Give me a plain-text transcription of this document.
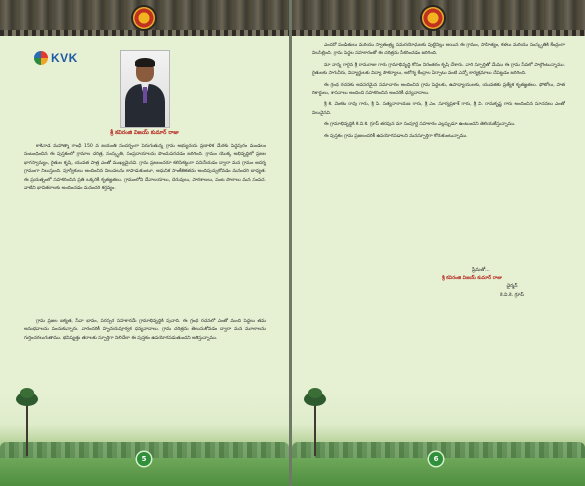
KVK
శ్రీ కవిరంజి విజయ్ కుమార్ రాజు

కాకినాడ మహాత్మా గాంధీ 150 వ జయంతి సందర్భంగా పెరుగుతున్న గ్రామ అభ్యుదయ ప్రణాళిక మేరకు పెద్దపురం మండలం సంబంధించిన ఈ పుస్తకంలో గ్రామాల చరిత్ర, సంస్కృతి, సంప్రదాయాలను పొందుపరచడం జరిగింది. గ్రామం యొక్క అభివృద్ధిలో ప్రజల భాగస్వామ్యం, రైతుల కృషి, యువత పాత్ర ఎంతో ముఖ్యమైనవి. గ్రామ ప్రజలందరూ కలిసికట్టుగా పనిచేయడం ద్వారా మన గ్రామం ఆదర్శ గ్రామంగా నిలుస్తుంది. పూర్వీకులు అందించిన విలువలను కాపాడుకుంటూ, ఆధునిక సాంకేతికతను అందిపుచ్చుకోవడం మనందరి బాధ్యత. ఈ ప్రయత్నంలో సహకరించిన ప్రతి ఒక్కరికీ కృతజ్ఞతలు. గ్రామంలోని దేవాలయాలు, చెరువులు, పాఠశాలలు, పంట పొలాలు మన సంపద. వాటిని భావితరాలకు అందించడం మనందరి కర్తవ్యం.

గ్రామ ప్రజల ఐక్యత, సేవా భావం, పరస్పర సహకారమే గ్రామాభివృద్ధికి పునాది. ఈ గ్రంథ రచనలో ఎంతో మంది పెద్దలు తమ అనుభవాలను పంచుకున్నారు. వారందరికీ హృదయపూర్వక ధన్యవాదాలు. గ్రామ చరిత్రను తెలుసుకోవడం ద్వారా మన మూలాలను గుర్తించగలుగుతాము. భవిష్యత్తు తరాలకు స్ఫూర్తిగా నిలిచేలా ఈ పుస్తకం ఉపయోగపడుతుందని ఆశిస్తున్నాము.

5

ఎందరో పండితులు మరియు స్వాతంత్ర్య సమరయోధులకు పుట్టినిల్లు అయిన ఈ గ్రామం, సాహిత్యం, కళలు మరియు సంస్కృతికి కేంద్రంగా విలసిల్లింది. గ్రామ పెద్దల సహకారంతో ఈ చరిత్రను సేకరించడం జరిగింది.

మా నాన్న గారైన శ్రీ రామరాజు గారు గ్రామాభివృద్ధి కోసం నిరంతరం కృషి చేశారు. వారి స్ఫూర్తితో మేము ఈ గ్రామ సేవలో పాల్గొంటున్నాము. రైతులకు సాగునీరు, విద్యార్థులకు విద్యా సౌకర్యాలు, ఆరోగ్య కేంద్రాల ఏర్పాటు వంటి ఎన్నో కార్యక్రమాలు చేపట్టడం జరిగింది.

ఈ గ్రంథ రచనకు అవసరమైన సమాచారం అందించిన గ్రామ పెద్దలకు, ఉపాధ్యాయులకు, యువతకు ప్రత్యేక కృతజ్ఞతలు. ఫోటోలు, పాత రికార్డులు, శాసనాలు అందించి సహకరించిన అందరికీ ధన్యవాదాలు.

శ్రీ కె. వెంకట రావు గారు, శ్రీ పి. సత్యనారాయణ గారు, శ్రీ ఎం. సూర్యప్రకాశ్ గారు, శ్రీ వి. రామకృష్ణ గారు అందించిన సూచనలు ఎంతో విలువైనవి.

ఈ గ్రామాభివృద్ధికి కె.వి.కె. గ్రూప్ తరఫున మా సంపూర్ణ సహకారం ఎల్లప్పుడూ ఉంటుందని తెలియజేస్తున్నాము.

ఈ పుస్తకం గ్రామ ప్రజలందరికీ ఉపయోగపడాలని మనస్ఫూర్తిగా కోరుకుంటున్నాము.

ప్రేమతో...
శ్రీ కవిరంజి విజయ్ కుమార్ రాజు
ఛైర్మన్
కె.వి.కె. గ్రూప్
6
